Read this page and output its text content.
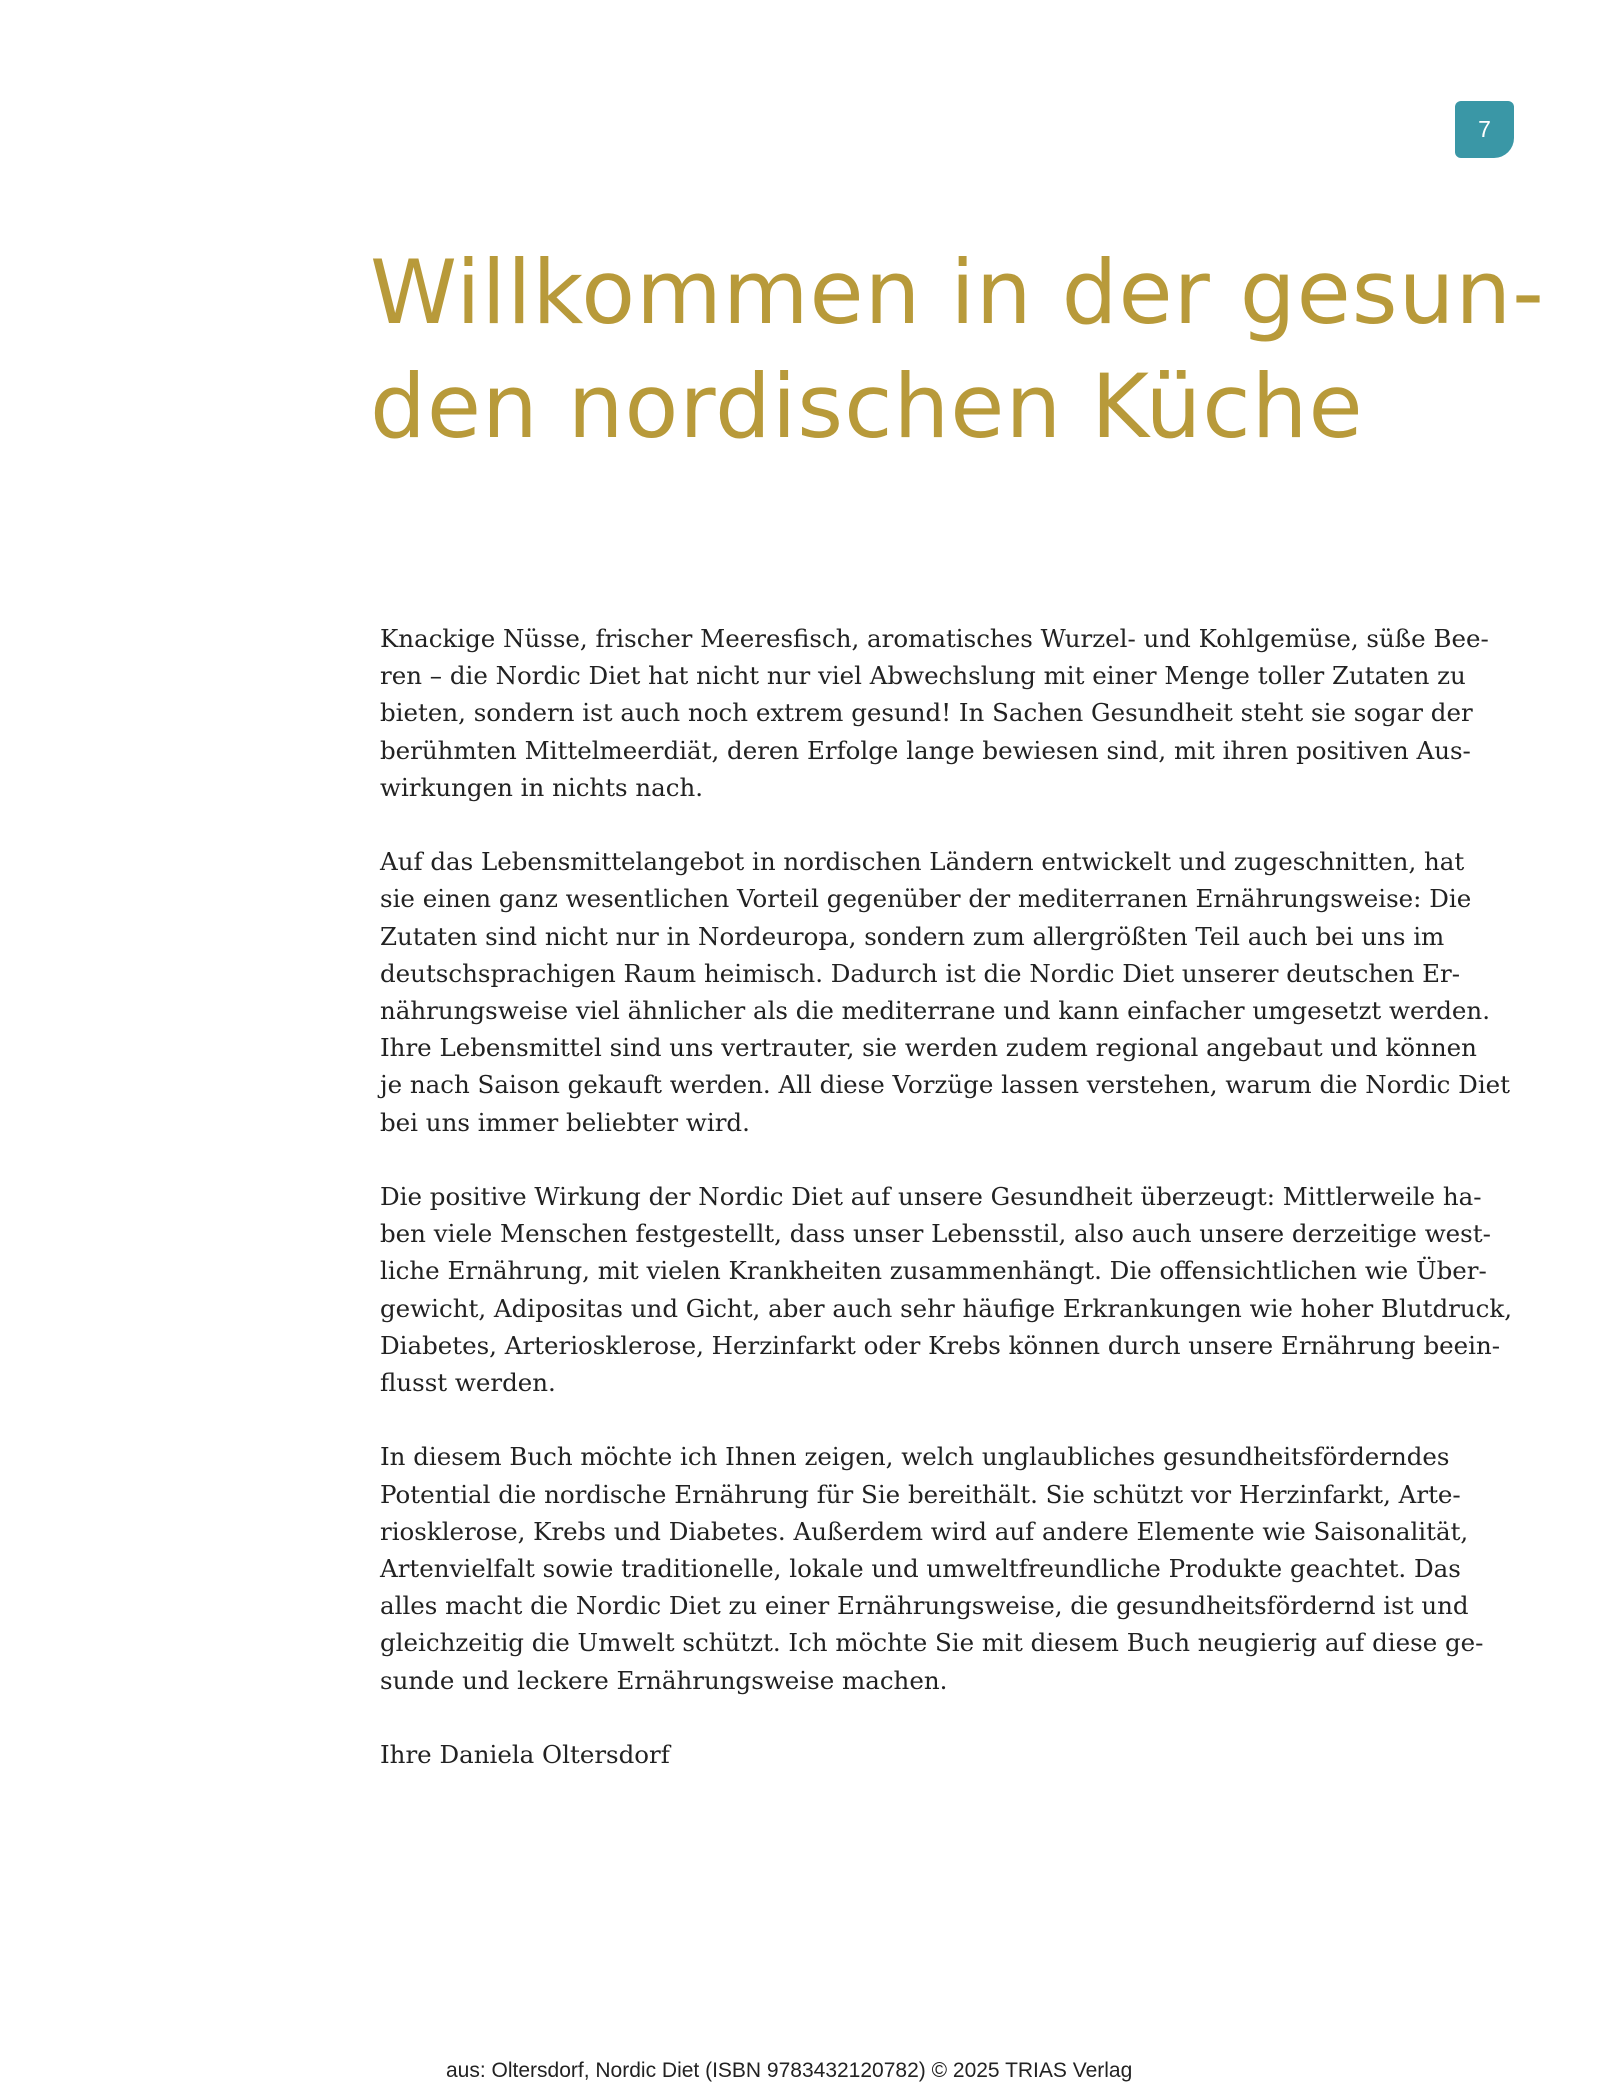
7
Willkommen in der gesun-
den nordischen Küche

Knackige Nüsse, frischer Meeresfisch, aromatisches Wurzel- und Kohlgemüse, süße Bee-
ren – die Nordic Diet hat nicht nur viel Abwechslung mit einer Menge toller Zutaten zu
bieten, sondern ist auch noch extrem gesund! In Sachen Gesundheit steht sie sogar der
berühmten Mittelmeerdiät, deren Erfolge lange bewiesen sind, mit ihren positiven Aus-
wirkungen in nichts nach.

Auf das Lebensmittelangebot in nordischen Ländern entwickelt und zugeschnitten, hat
sie einen ganz wesentlichen Vorteil gegenüber der mediterranen Ernährungsweise: Die
Zutaten sind nicht nur in Nordeuropa, sondern zum allergrößten Teil auch bei uns im
deutschsprachigen Raum heimisch. Dadurch ist die Nordic Diet unserer deutschen Er-
nährungsweise viel ähnlicher als die mediterrane und kann einfacher umgesetzt werden.
Ihre Lebensmittel sind uns vertrauter, sie werden zudem regional angebaut und können
je nach Saison gekauft werden. All diese Vorzüge lassen verstehen, warum die Nordic Diet
bei uns immer beliebter wird.

Die positive Wirkung der Nordic Diet auf unsere Gesundheit überzeugt: Mittlerweile ha-
ben viele Menschen festgestellt, dass unser Lebensstil, also auch unsere derzeitige west-
liche Ernährung, mit vielen Krankheiten zusammenhängt. Die offensichtlichen wie Über-
gewicht, Adipositas und Gicht, aber auch sehr häufige Erkrankungen wie hoher Blutdruck,
Diabetes, Arteriosklerose, Herzinfarkt oder Krebs können durch unsere Ernährung beein-
flusst werden.

In diesem Buch möchte ich Ihnen zeigen, welch unglaubliches gesundheitsförderndes
Potential die nordische Ernährung für Sie bereithält. Sie schützt vor Herzinfarkt, Arte-
riosklerose, Krebs und Diabetes. Außerdem wird auf andere Elemente wie Saisonalität,
Artenvielfalt sowie traditionelle, lokale und umweltfreundliche Produkte geachtet. Das
alles macht die Nordic Diet zu einer Ernährungsweise, die gesundheitsfördernd ist und
gleichzeitig die Umwelt schützt. Ich möchte Sie mit diesem Buch neugierig auf diese ge-
sunde und leckere Ernährungsweise machen.

Ihre Daniela Oltersdorf

aus: Oltersdorf, Nordic Diet (ISBN 9783432120782) © 2025 TRIAS Verlag
